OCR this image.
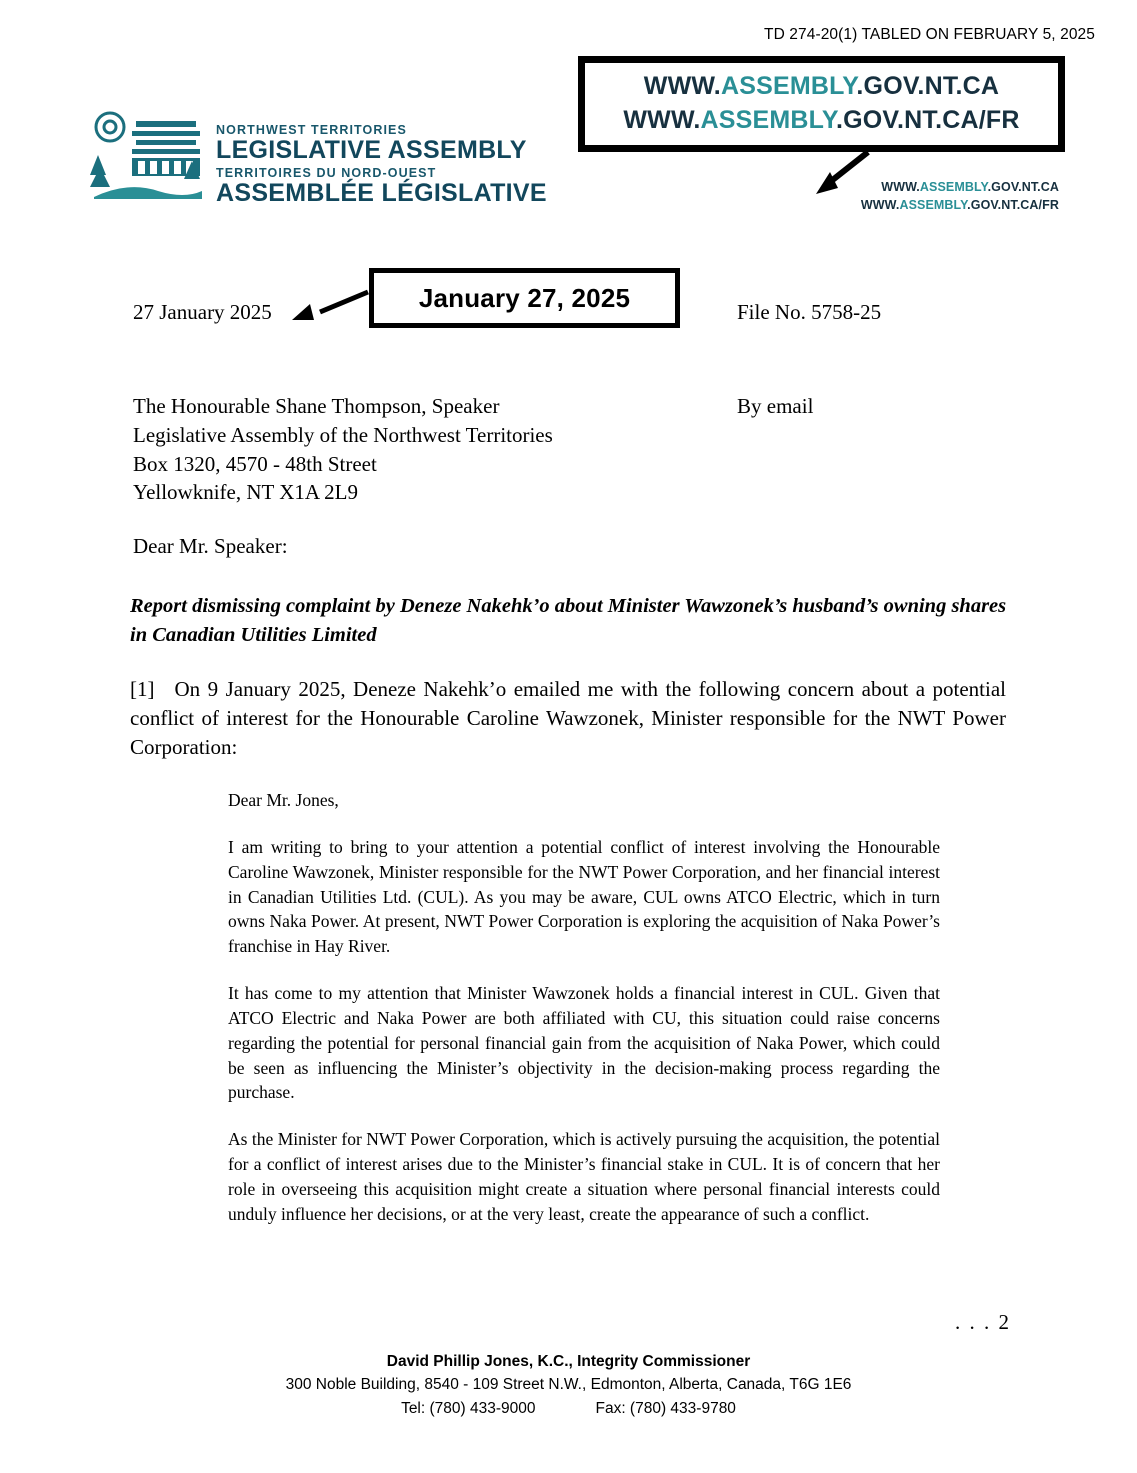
TD 274-20(1) TABLED ON FEBRUARY 5, 2025
NORTHWEST TERRITORIES
LEGISLATIVE ASSEMBLY
TERRITOIRES DU NORD-OUEST
ASSEMBLÉE LÉGISLATIVE
WWW.ASSEMBLY.GOV.NT.CA
WWW.ASSEMBLY.GOV.NT.CA/FR
WWW.ASSEMBLY.GOV.NT.CA
WWW.ASSEMBLY.GOV.NT.CA/FR
27 January 2025	January 27, 2025	File No. 5758-25
The Honourable Shane Thompson, Speaker
Legislative Assembly of the Northwest Territories
Box 1320, 4570 - 48th Street
Yellowknife, NT X1A 2L9
By email
Dear Mr. Speaker:
Report dismissing complaint by Deneze Nakehk’o about Minister Wawzonek’s husband’s owning shares in Canadian Utilities Limited
[1] On 9 January 2025, Deneze Nakehk’o emailed me with the following concern about a potential conflict of interest for the Honourable Caroline Wawzonek, Minister responsible for the NWT Power Corporation:

Dear Mr. Jones,

I am writing to bring to your attention a potential conflict of interest involving the Honourable Caroline Wawzonek, Minister responsible for the NWT Power Corporation, and her financial interest in Canadian Utilities Ltd. (CUL). As you may be aware, CUL owns ATCO Electric, which in turn owns Naka Power. At present, NWT Power Corporation is exploring the acquisition of Naka Power’s franchise in Hay River.

It has come to my attention that Minister Wawzonek holds a financial interest in CUL. Given that ATCO Electric and Naka Power are both affiliated with CU, this situation could raise concerns regarding the potential for personal financial gain from the acquisition of Naka Power, which could be seen as influencing the Minister’s objectivity in the decision-making process regarding the purchase.

As the Minister for NWT Power Corporation, which is actively pursuing the acquisition, the potential for a conflict of interest arises due to the Minister’s financial stake in CUL. It is of concern that her role in overseeing this acquisition might create a situation where personal financial interests could unduly influence her decisions, or at the very least, create the appearance of such a conflict.

. . . 2
David Phillip Jones, K.C., Integrity Commissioner
300 Noble Building, 8540 - 109 Street N.W., Edmonton, Alberta, Canada, T6G 1E6
Tel: (780) 433-9000	Fax: (780) 433-9780
